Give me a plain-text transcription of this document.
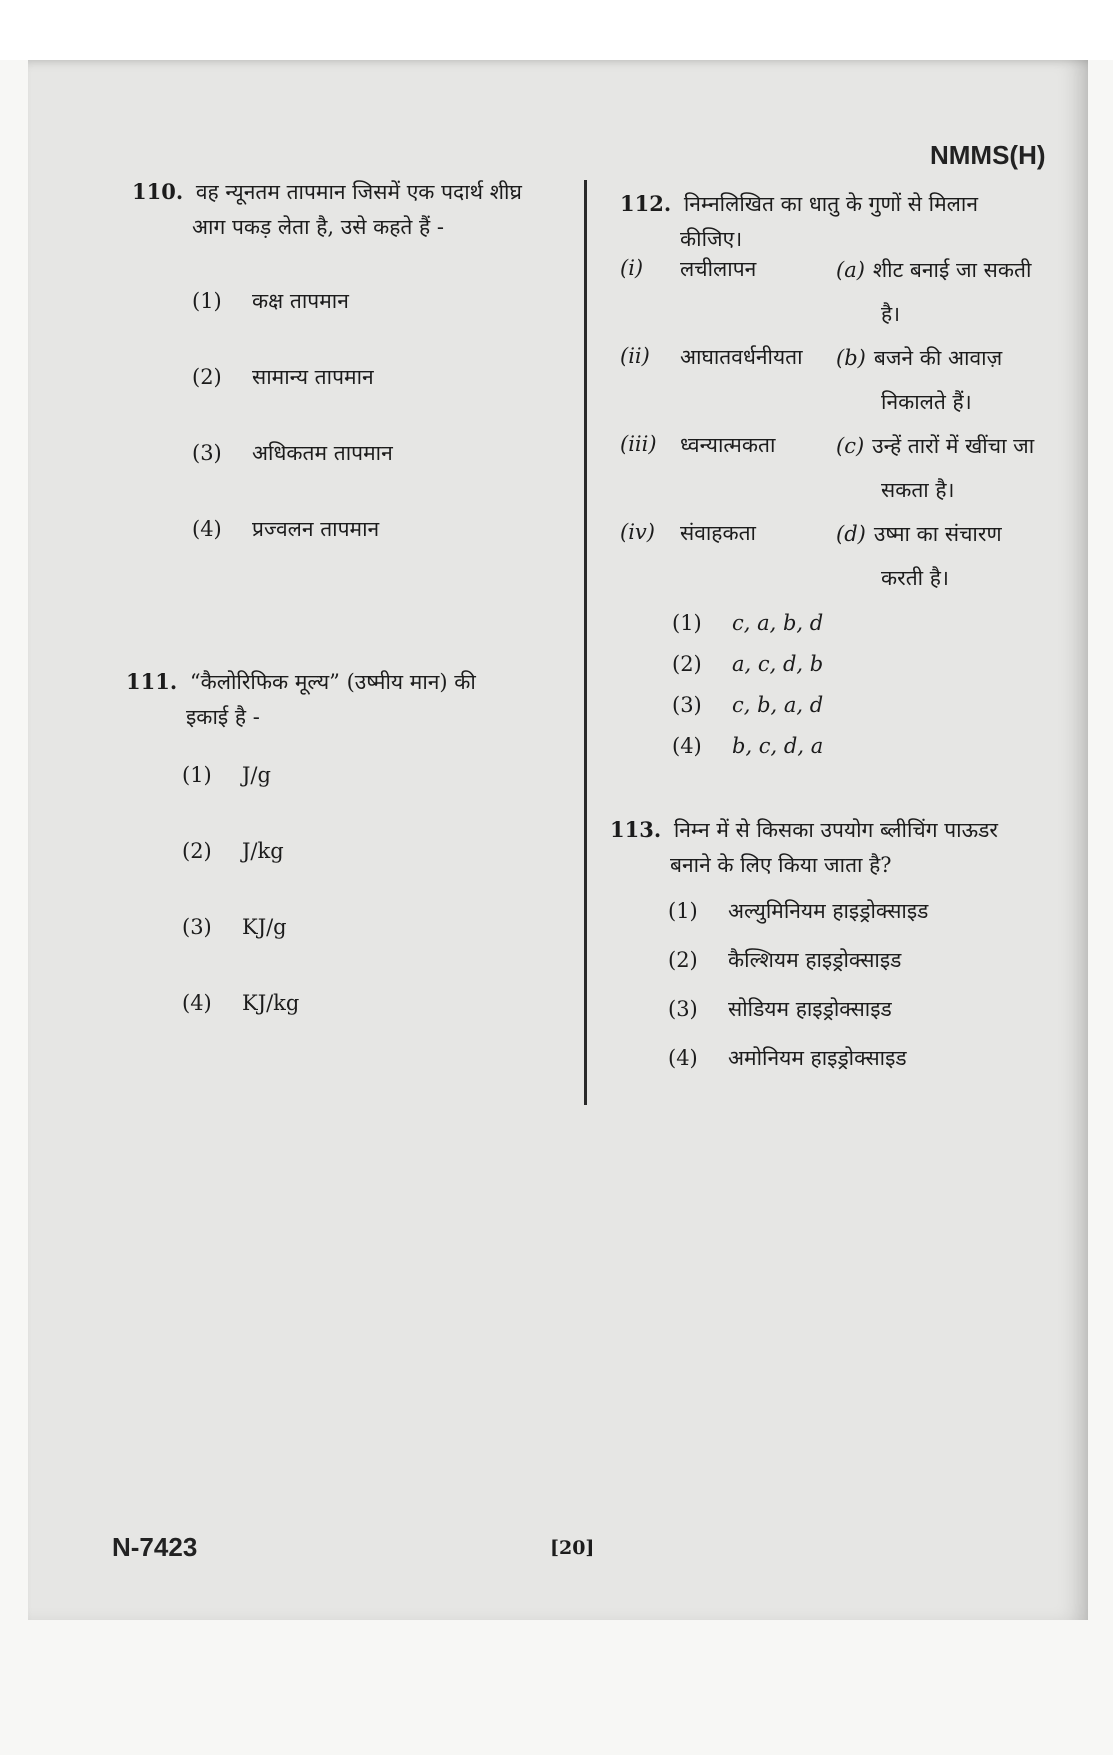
NMMS(H)
110. वह न्यूनतम तापमान जिसमें एक पदार्थ शीघ्र
आग पकड़ लेता है, उसे कहते हैं -
(1) कक्ष तापमान
(2) सामान्य तापमान
(3) अधिकतम तापमान
(4) प्रज्वलन तापमान
111. “कैलोरिफिक मूल्य” (उष्मीय मान) की
इकाई है -
(1) J/g
(2) J/kg
(3) KJ/g
(4) KJ/kg
112. निम्नलिखित का धातु के गुणों से मिलान
कीजिए।
(i) लचीलापन	(a) शीट बनाई जा सकती
है।
(ii) आघातवर्धनीयता (b) बजने की आवाज़
निकालते हैं।
(iii) ध्वन्यात्मकता	(c) उन्हें तारों में खींचा जा
सकता है।
(iv) संवाहकता	(d) उष्मा का संचारण
करती है।
(1) c, a, b, d
(2) a, c, d, b
(3) c, b, a, d
(4) b, c, d, a
113. निम्न में से किसका उपयोग ब्लीचिंग पाऊडर
बनाने के लिए किया जाता है?
(1) अल्युमिनियम हाइड्रोक्साइड
(2) कैल्शियम हाइड्रोक्साइड
(3) सोडियम हाइड्रोक्साइड
(4) अमोनियम हाइड्रोक्साइड
N-7423	[20]
